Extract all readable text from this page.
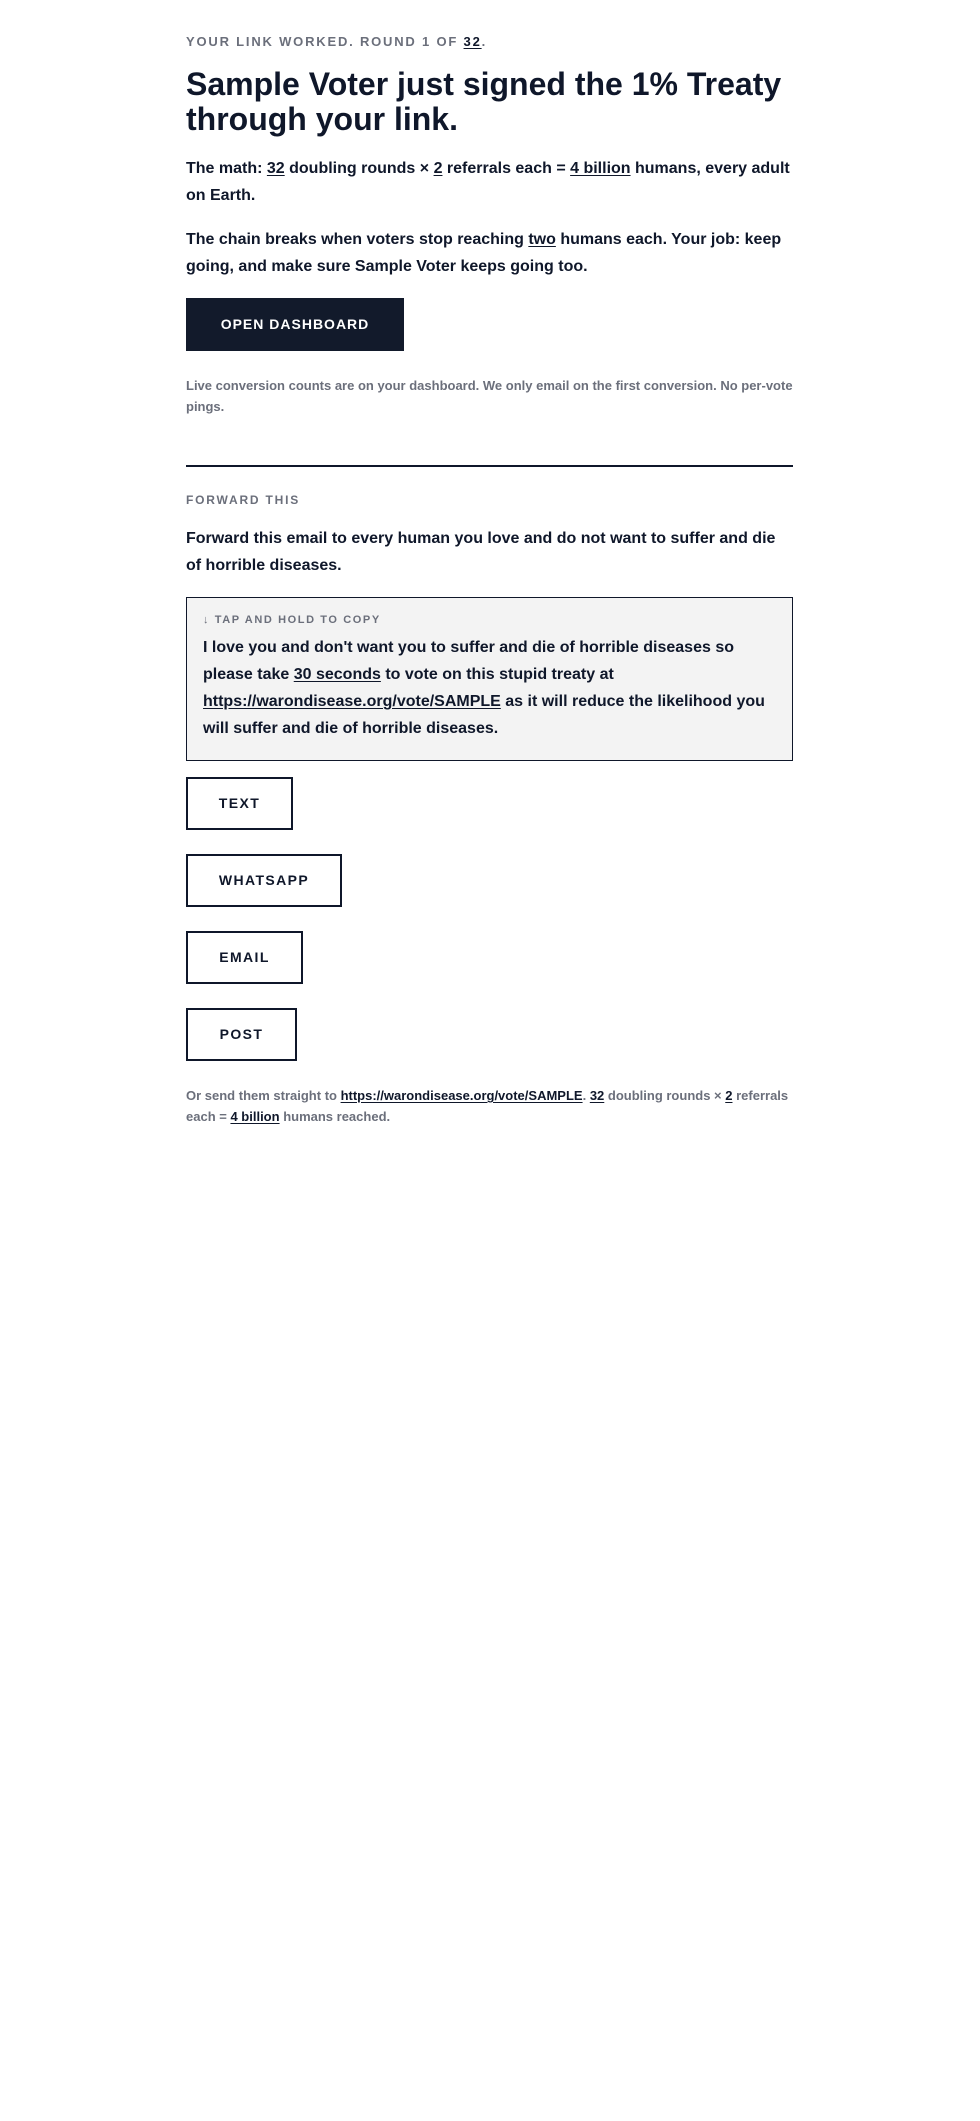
YOUR LINK WORKED. ROUND 1 OF 32.
Sample Voter just signed the 1% Treaty through your link.

The math: 32 doubling rounds × 2 referrals each = 4 billion humans, every adult on Earth.

The chain breaks when voters stop reaching two humans each. Your job: keep going, and make sure Sample Voter keeps going too.

OPEN DASHBOARD
Live conversion counts are on your dashboard. We only email on the first conversion. No per-vote pings.
FORWARD THIS

Forward this email to every human you love and do not want to suffer and die of horrible diseases.

↓ TAP AND HOLD TO COPY
I love you and don't want you to suffer and die of horrible diseases so please take 30 seconds to vote on this stupid treaty at https://warondisease.org/vote/SAMPLE as it will reduce the likelihood you will suffer and die of horrible diseases.
TEXT
WHATSAPP
EMAIL
POST
Or send them straight to https://warondisease.org/vote/SAMPLE. 32 doubling rounds × 2 referrals each = 4 billion humans reached.
